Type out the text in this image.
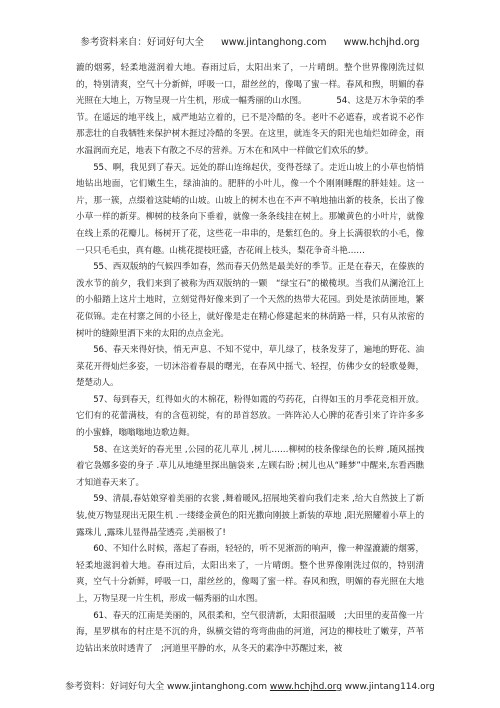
参考资料来自：好词好句大全 www.jintanghong.com www.hchjhd.org

漉的烟雾，轻柔地滋润着大地。春雨过后，太阳出来了，一片晴朗。整个世界像刚洗过似的，特别清爽，空气十分新鲜，呼吸一口，甜丝丝的，像喝了蜜一样。春风和煦，明媚的春光照在大地上，万物呈现一片生机，形成一幅秀丽的山水图。　　　　54、这是万木争荣的季节。在遥远的地平线上，威严地站立着的，已不是冷酷的冬。老叶不必遮春，或者说不必作那悲壮的自我牺牲来保护树木捱过冷酷的冬罢。在这里，就连冬天的阳光也灿烂如碎金，雨水温润而充足，地表下有散之不尽的营养。万木在和风中一样做它们欢乐的梦。

55、啊，我见到了春天。远处的群山连绵起伏，变得苍绿了。走近山坡上的小草也悄悄地钻出地面，它们嫩生生，绿油油的。肥胖的小叶儿，像一个个刚刚睡醒的胖娃娃。这一片，那一簇，点缀着这陡峭的山坡。山坡上的树木也在不声不响地抽出新的枝条，长出了像小草一样的新芽。柳树的枝条向下垂着，就像一条条线挂在树上。那嫩黄色的小叶片，就像在线上系的花瓣儿。杨树开了花，这些花一串串的，是紫红色的。身上长满很软的小毛，像一只只毛毛虫，真有趣。山桃花提枝旺盛，杏花闹上枝头，梨花争奇斗艳……

55、西双版纳的气候四季如春，然而春天仍然是最美好的季节。正是在春天，在傣族的泼水节的前夕，我们来到了被称为西双版纳的一颗　“绿宝石”的橄榄坝。当我们从澜沧江上的小船踏上这片土地时，立刻觉得好像来到了一个天然的热带大花园。到处是浓荫匝地，繁花似锦。走在村寨之间的小径上，就好像是走在精心修建起来的林荫路一样，只有从浓密的树叶的缝隙里洒下来的太阳的点点金光。

56、春天来得好快，悄无声息、不知不觉中，草儿绿了，枝条发芽了，遍地的野花、油菜花开得灿烂多姿，一切沐浴着春晨的曙光，在春风中摇弋、轻捏，仿佛少女的轻歌曼舞，楚楚动人。

57、每到春天，红得如火的木棉花，粉得如霞的芍药花，白得如玉的月季花竞相开放。它们有的花蕾满枝，有的含苞初绽，有的昂首怒放。一阵阵沁人心脾的花香引来了许许多多的小蜜蜂，嗡嗡嗡地边歌边舞。

58、在这美好的春光里 ,公园的花儿草儿 ,树儿……柳树的枝条像绿色的长辫 ,随风摇拽着它袅娜多姿的身子 .草儿从地缝里探出脑袋来 ,左顾右盼 ;树儿也从“睡梦”中醒来,东看西瞧才知道春天来了。

59、清晨,春姑娘穿着美丽的衣裳 ,舞着暖风,招展地笑着向我们走来 ,给大自然披上了新装,使万物显现出无限生机 .一缕缕金黄色的阳光撒向刚披上新装的草地 ,阳光照耀着小草上的露珠儿 ,露珠儿显得晶莹透亮 ,美丽极了!

60、不知什么时候，落起了春雨，轻轻的，听不见淅沥的响声，像一种湿漉漉的烟雾，轻柔地滋润着大地。春雨过后，太阳出来了，一片晴朗。整个世界像刚洗过似的，特别清爽，空气十分新鲜，呼吸一口，甜丝丝的，像喝了蜜一样。春风和煦，明媚的春光照在大地上，万物呈现一片生机，形成一幅秀丽的山水图。

61、春天的江南是美丽的，风很柔和，空气很清新，太阳很温暖　;大田里的麦苗像一片海，星罗棋布的村庄是不沉的舟，纵横交错的弯弯曲曲的河道，河边的柳枝吐了嫩芽，芦苇边钻出来放时透青了　;河道里平静的水，从冬天的素净中苏醒过来，被

参考资料：好词好句大全 www.jintanghong.com www.hchjhd.org www.jintang114.org
